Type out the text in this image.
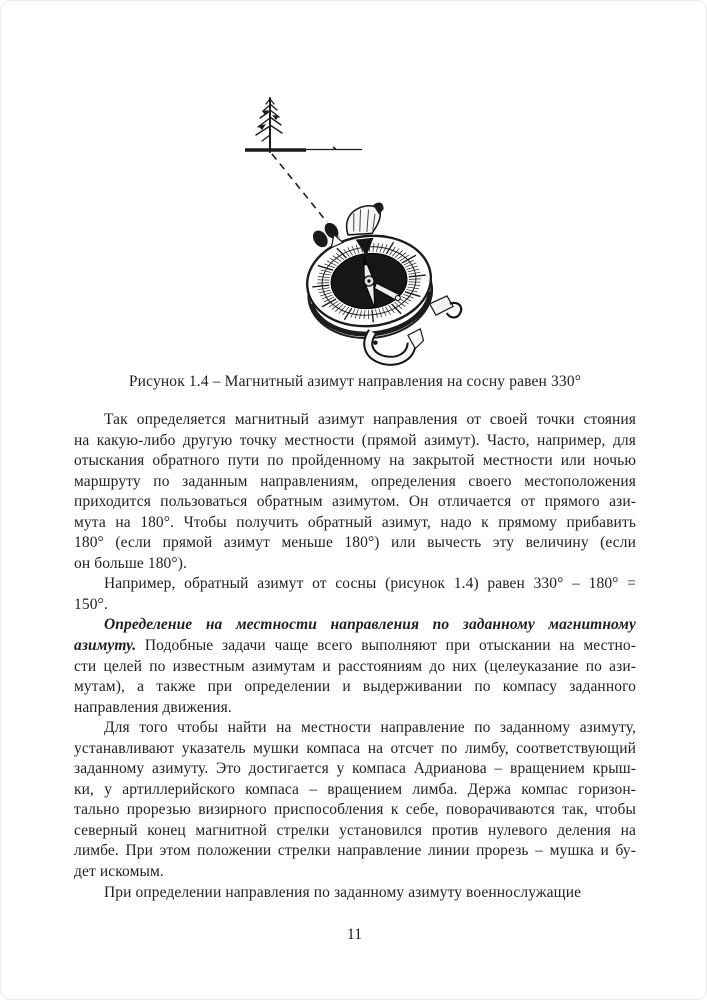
Рисунок 1.4 – Магнитный азимут направления на сосну равен 330°
Так определяется магнитный азимут направления от своей точки стояния
на какую-либо другую точку местности (прямой азимут). Часто, например, для
отыскания обратного пути по пройденному на закрытой местности или ночью
маршруту по заданным направлениям, определения своего местоположения
приходится пользоваться обратным азимутом. Он отличается от прямого ази-
мута на 180°. Чтобы получить обратный азимут, надо к прямому прибавить
180° (если прямой азимут меньше 180°) или вычесть эту величину (если
он больше 180°).
Например, обратный азимут от сосны (рисунок 1.4) равен 330° – 180° =
150°.
Определение на местности направления по заданному магнитному
азимуту. Подобные задачи чаще всего выполняют при отыскании на местно-
сти целей по известным азимутам и расстояниям до них (целеуказание по ази-
мутам), а также при определении и выдерживании по компасу заданного
направления движения.
Для того чтобы найти на местности направление по заданному азимуту,
устанавливают указатель мушки компаса на отсчет по лимбу, соответствующий
заданному азимуту. Это достигается у компаса Адрианова – вращением крыш-
ки, у артиллерийского компаса – вращением лимба. Держа компас горизон-
тально прорезью визирного приспособления к себе, поворачиваются так, чтобы
северный конец магнитной стрелки установился против нулевого деления на
лимбе. При этом положении стрелки направление линии прорезь – мушка и бу-
дет искомым.
При определении направления по заданному азимуту военнослужащие
11
